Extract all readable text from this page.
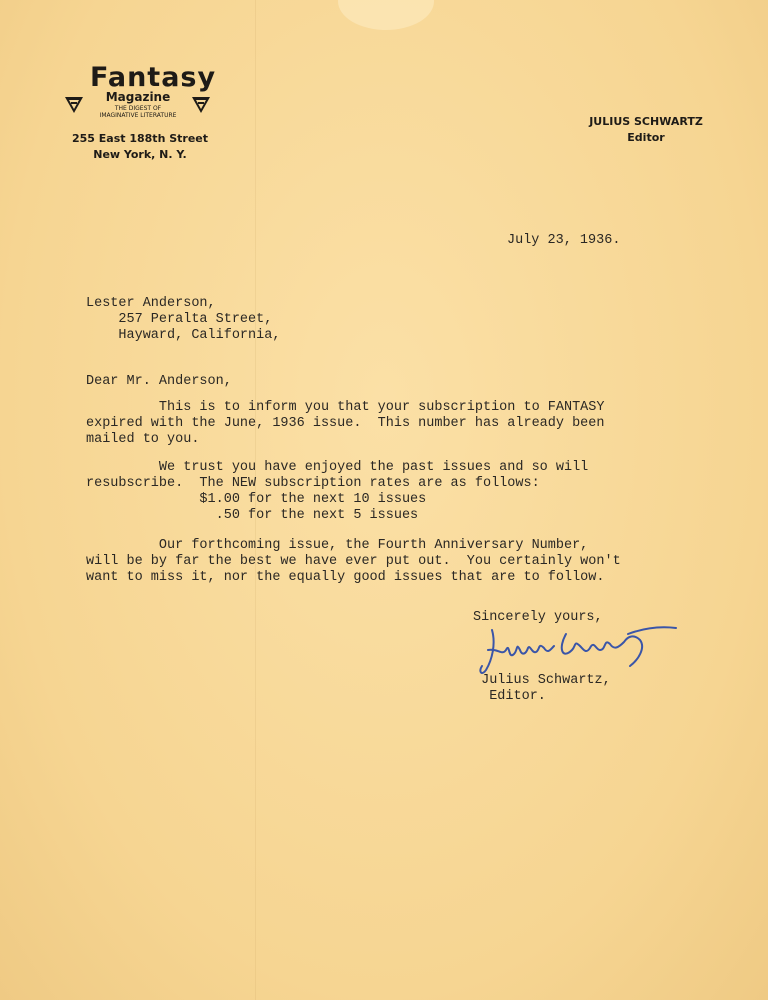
Fantasy
Magazine
THE DIGEST OF
IMAGINATIVE LITERATURE
255 East 188th Street
New York, N. Y.
JULIUS SCHWARTZ
Editor
July 23, 1936.
Lester Anderson,
257 Peralta Street,
Hayward, California,
Dear Mr. Anderson,
This is to inform you that your subscription to FANTASY
expired with the June, 1936 issue.  This number has already been
mailed to you.
We trust you have enjoyed the past issues and so will
resubscribe.  The NEW subscription rates are as follows:
$1.00 for the next 10 issues
.50 for the next 5 issues
Our forthcoming issue, the Fourth Anniversary Number,
will be by far the best we have ever put out.  You certainly won't
want to miss it, nor the equally good issues that are to follow.
Sincerely yours,
Julius Schwartz,
Editor.
